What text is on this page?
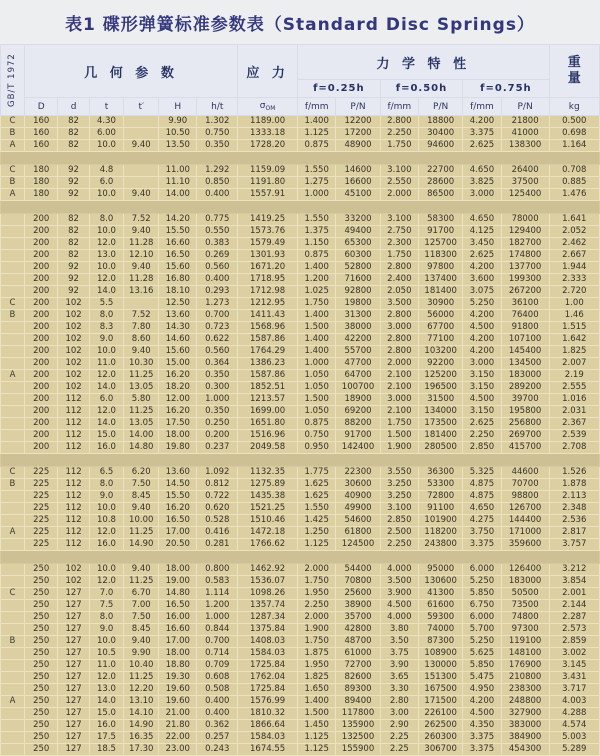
表1 碟形弹簧标准参数表（Standard Disc Springs）
GB/T 1972	几 何 参 数						应 力	力 学 特 性						重量

								f=0.25h		f=0.50h		f=0.75h		
	D	d	t	t′	H	h/t	$\sigma_{OM}$	f/mm	P/N	f/mm	P/N	f/mm	P/N	kg
C	160	82	4.30		9.90	1.302	1189.00	1.400	12200	2.800	18800	4.200	21800	0.500
B	160	82	6.00		10.50	0.750	1333.18	1.125	17200	2.250	30400	3.375	41000	0.698
A	160	82	10.0	9.40	13.50	0.350	1728.20	0.875	48900	1.750	94600	2.625	138300	1.164

C	180	92	4.8		11.00	1.292	1159.09	1.550	14600	3.100	22700	4.650	26400	0.708
B	180	92	6.0		11.10	0.850	1191.80	1.275	16600	2.550	28600	3.825	37500	0.885
A	180	92	10.0	9.40	14.00	0.400	1557.91	1.000	45100	2.000	86500	3.000	125400	1.476

	200	82	8.0	7.52	14.20	0.775	1419.25	1.550	33200	3.100	58300	4.650	78000	1.641
	200	82	10.0	9.40	15.50	0.550	1573.76	1.375	49400	2.750	91700	4.125	129400	2.052
	200	82	12.0	11.28	16.60	0.383	1579.49	1.150	65300	2.300	125700	3.450	182700	2.462
	200	82	13.0	12.10	16.50	0.269	1301.93	0.875	60300	1.750	118300	2.625	174800	2.667
	200	92	10.0	9.40	15.60	0.560	1671.20	1.400	52800	2.800	97800	4.200	137700	1.944
	200	92	12.0	11.28	16.80	0.400	1718.95	1.200	71600	2.400	137400	3.600	199300	2.333
	200	92	14.0	13.16	18.10	0.293	1712.98	1.025	92800	2.050	181400	3.075	267200	2.720
C	200	102	5.5		12.50	1.273	1212.95	1.750	19800	3.500	30900	5.250	36100	1.00
B	200	102	8.0	7.52	13.60	0.700	1411.43	1.400	31300	2.800	56000	4.200	76400	1.46
	200	102	8.3	7.80	14.30	0.723	1568.96	1.500	38000	3.000	67700	4.500	91800	1.515
	200	102	9.0	8.60	14.60	0.622	1587.86	1.400	42200	2.800	77100	4.200	107100	1.642
	200	102	10.0	9.40	15.60	0.560	1764.29	1.400	55700	2.800	103200	4.200	145400	1.825
	200	102	11.0	10.30	15.00	0.364	1386.23	1.000	47700	2.000	92200	3.000	134500	2.007
A	200	102	12.0	11.25	16.20	0.350	1587.86	1.050	64700	2.100	125200	3.150	183000	2.19
	200	102	14.0	13.05	18.20	0.300	1852.51	1.050	100700	2.100	196500	3.150	289200	2.555
	200	112	6.0	5.80	12.00	1.000	1213.57	1.500	18900	3.000	31500	4.500	39700	1.016
	200	112	12.0	11.25	16.20	0.350	1699.00	1.050	69200	2.100	134000	3.150	195800	2.031
	200	112	14.0	13.05	17.50	0.250	1651.80	0.875	88200	1.750	173500	2.625	256800	2.367
	200	112	15.0	14.00	18.00	0.200	1516.96	0.750	91700	1.500	181400	2.250	269700	2.539
	200	112	16.0	14.80	19.80	0.237	2049.58	0.950	142400	1.900	280500	2.850	415700	2.708

C	225	112	6.5	6.20	13.60	1.092	1132.35	1.775	22300	3.550	36300	5.325	44600	1.526
B	225	112	8.0	7.50	14.50	0.812	1275.89	1.625	30600	3.250	53300	4.875	70700	1.878
	225	112	9.0	8.45	15.50	0.722	1435.38	1.625	40900	3.250	72800	4.875	98800	2.113
	225	112	10.0	9.40	16.20	0.620	1521.25	1.550	49900	3.100	91100	4.650	126700	2.348
	225	112	10.8	10.00	16.50	0.528	1510.46	1.425	54600	2.850	101900	4.275	144400	2.536
A	225	112	12.0	11.25	17.00	0.416	1472.18	1.250	61800	2.500	118200	3.750	171000	2.817
	225	112	16.0	14.90	20.50	0.281	1766.62	1.125	124500	2.250	243800	3.375	359600	3.757

	250	102	10.0	9.40	18.00	0.800	1462.92	2.000	54400	4.000	95000	6.000	126400	3.212
	250	102	12.0	11.25	19.00	0.583	1536.07	1.750	70800	3.500	130600	5.250	183000	3.854
C	250	127	7.0	6.70	14.80	1.114	1098.26	1.950	25600	3.900	41300	5.850	50500	2.001
	250	127	7.5	7.00	16.50	1.200	1357.74	2.250	38900	4.500	61600	6.750	73500	2.144
	250	127	8.0	7.50	16.00	1.000	1287.34	2.000	35700	4.000	59300	6.000	74800	2.287
	250	127	9.0	8.45	16.60	0.844	1375.84	1.900	42800	3.80	74000	5.700	97300	2.573
B	250	127	10.0	9.40	17.00	0.700	1408.03	1.750	48700	3.50	87300	5.250	119100	2.859
	250	127	10.5	9.90	18.00	0.714	1584.03	1.875	61000	3.75	108900	5.625	148100	3.002
	250	127	11.0	10.40	18.80	0.709	1725.84	1.950	72700	3.90	130000	5.850	176900	3.145
	250	127	12.0	11.25	19.30	0.608	1762.04	1.825	82600	3.65	151300	5.475	210800	3.431
	250	127	13.0	12.20	19.60	0.508	1725.84	1.650	89300	3.30	167500	4.950	238300	3.717
A	250	127	14.0	13.10	19.60	0.400	1576.99	1.400	89400	2.80	171500	4.200	248800	4.003
	250	127	15.0	14.10	21.00	0.400	1810.32	1.500	117800	3.00	226100	4.500	327900	4.288
	250	127	16.0	14.90	21.80	0.362	1866.64	1.450	135900	2.90	262500	4.350	383000	4.574
	250	127	17.5	16.35	22.00	0.257	1584.03	1.125	132500	2.25	260300	3.375	384900	5.003
	250	127	18.5	17.30	23.00	0.243	1674.55	1.125	155900	2.25	306700	3.375	454300	5.289
